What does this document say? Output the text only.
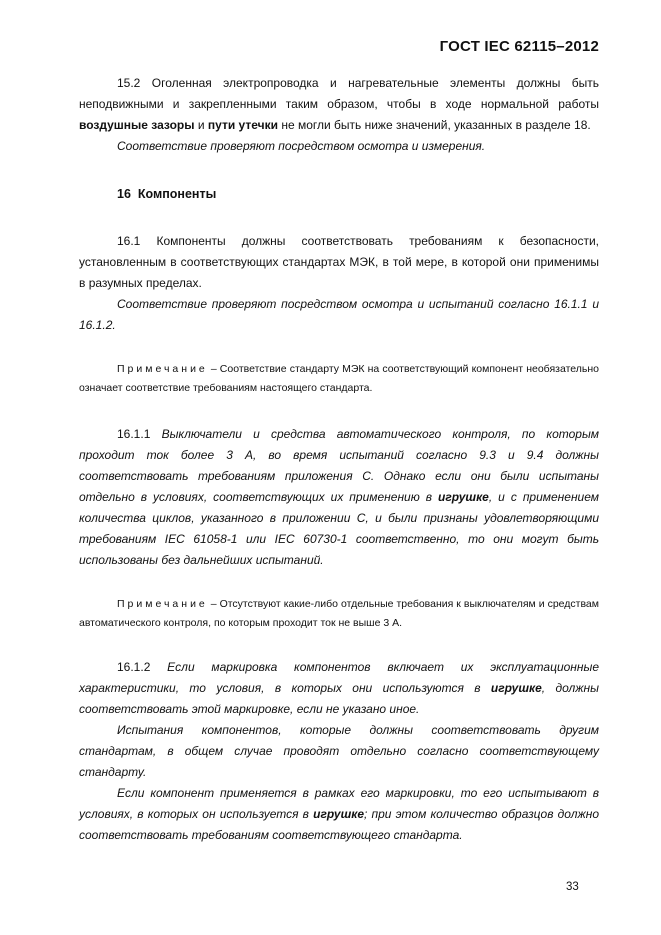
ГОСТ IEC 62115–2012

15.2 Оголенная электропроводка и нагревательные элементы должны быть неподвижными и закрепленными таким образом, чтобы в ходе нормальной работы воздушные зазоры и пути утечки не могли быть ниже значений, указанных в разделе 18.

Соответствие проверяют посредством осмотра и измерения.

16 Компоненты

16.1 Компоненты должны соответствовать требованиям к безопасности, установленным в соответствующих стандартах МЭК, в той мере, в которой они применимы в разумных пределах.

Соответствие проверяют посредством осмотра и испытаний согласно 16.1.1 и 16.1.2.

Примечание – Соответствие стандарту МЭК на соответствующий компонент необязательно означает соответствие требованиям настоящего стандарта.

16.1.1 Выключатели и средства автоматического контроля, по которым проходит ток более 3 А, во время испытаний согласно 9.3 и 9.4 должны соответствовать требованиям приложения С. Однако если они были испытаны отдельно в условиях, соответствующих их применению в игрушке, и с применением количества циклов, указанного в приложении С, и были признаны удовлетворяющими требованиям IEC 61058-1 или IEC 60730-1 соответственно, то они могут быть использованы без дальнейших испытаний.

Примечание – Отсутствуют какие-либо отдельные требования к выключателям и средствам автоматического контроля, по которым проходит ток не выше 3 А.

16.1.2 Если маркировка компонентов включает их эксплуатационные характеристики, то условия, в которых они используются в игрушке, должны соответствовать этой маркировке, если не указано иное.

Испытания компонентов, которые должны соответствовать другим стандартам, в общем случае проводят отдельно согласно соответствующему стандарту.

Если компонент применяется в рамках его маркировки, то его испытывают в условиях, в которых он используется в игрушке; при этом количество образцов должно соответствовать требованиям соответствующего стандарта.

33
